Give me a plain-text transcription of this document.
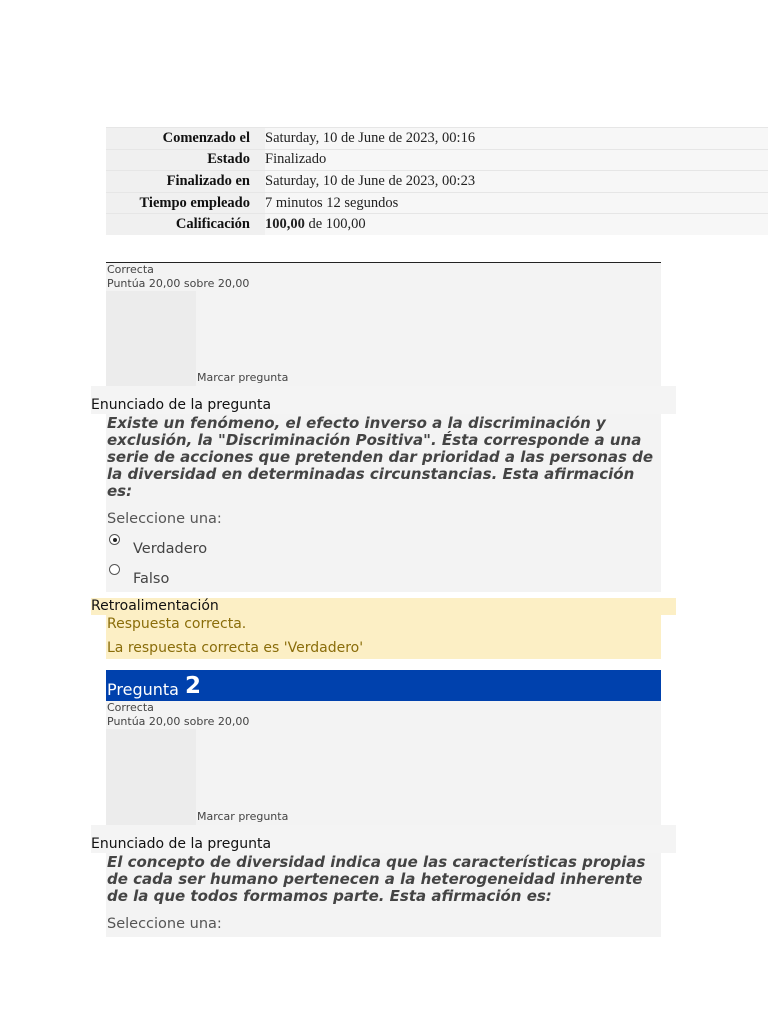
Comenzado el	Saturday, 10 de June de 2023, 00:16
Estado	Finalizado
Finalizado en	Saturday, 10 de June de 2023, 00:23
Tiempo empleado	7 minutos 12 segundos
Calificación	100,00 de 100,00
Correcta
Puntúa 20,00 sobre 20,00
Marcar pregunta
Enunciado de la pregunta

Existe un fenómeno, el efecto inverso a la discriminación y exclusión, la "Discriminación Positiva". Ésta corresponde a una serie de acciones que pretenden dar prioridad a las personas de la diversidad en determinadas circunstancias. Esta afirmación es:

Seleccione una:
Verdadero
Falso
Retroalimentación
Respuesta correcta.
La respuesta correcta es 'Verdadero'
Pregunta 2
Correcta
Puntúa 20,00 sobre 20,00
Marcar pregunta
Enunciado de la pregunta

El concepto de diversidad indica que las características propias de cada ser humano pertenecen a la heterogeneidad inherente de la que todos formamos parte. Esta afirmación es:

Seleccione una:
